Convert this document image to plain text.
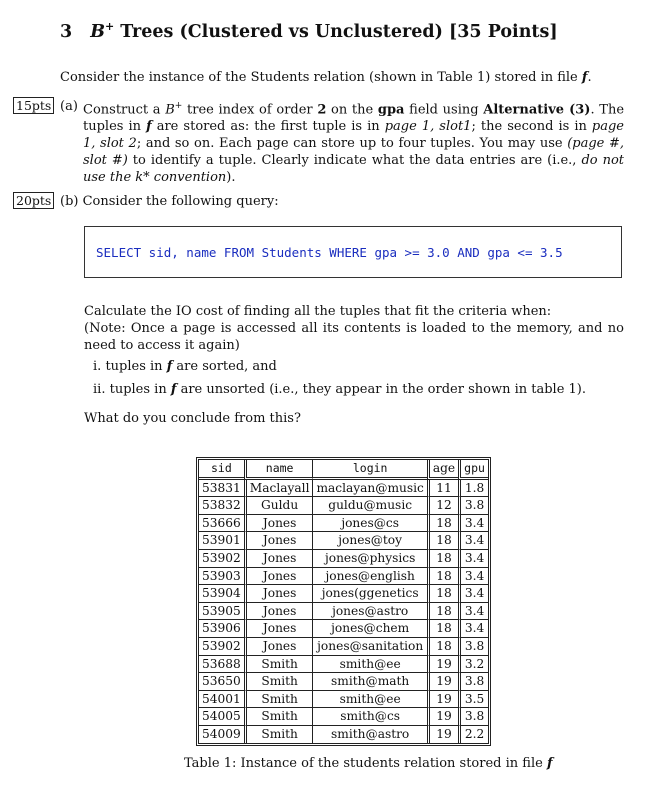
3 B+ Trees (Clustered vs Unclustered) [35 Points]
Consider the instance of the Students relation (shown in Table 1) stored in file f.
15pts (a) Construct a B+ tree index of order 2 on the gpa field using Alternative (3). The tuples in f are stored as: the first tuple is in page 1, slot1; the second is in page 1, slot 2; and so on. Each page can store up to four tuples. You may use (page #, slot #) to identify a tuple. Clearly indicate what the data entries are (i.e., do not use the k* convention).
20pts (b) Consider the following query:
SELECT sid, name FROM Students WHERE gpa >= 3.0 AND gpa <= 3.5
Calculate the IO cost of finding all the tuples that fit the criteria when:
(Note: Once a page is accessed all its contents is loaded to the memory, and no need to access it again)
i. tuples in f are sorted, and
ii. tuples in f are unsorted (i.e., they appear in the order shown in table 1).
What do you conclude from this?
sid	name	login	age	gpu
53831	Maclayall	maclayan@music	11	1.8
53832	Guldu	guldu@music	12	3.8
53666	Jones	jones@cs	18	3.4
53901	Jones	jones@toy	18	3.4
53902	Jones	jones@physics	18	3.4
53903	Jones	jones@english	18	3.4
53904	Jones	jones(ggenetics	18	3.4
53905	Jones	jones@astro	18	3.4
53906	Jones	jones@chem	18	3.4
53902	Jones	jones@sanitation	18	3.8
53688	Smith	smith@ee	19	3.2
53650	Smith	smith@math	19	3.8
54001	Smith	smith@ee	19	3.5
54005	Smith	smith@cs	19	3.8
54009	Smith	smith@astro	19	2.2
Table 1: Instance of the students relation stored in file f
